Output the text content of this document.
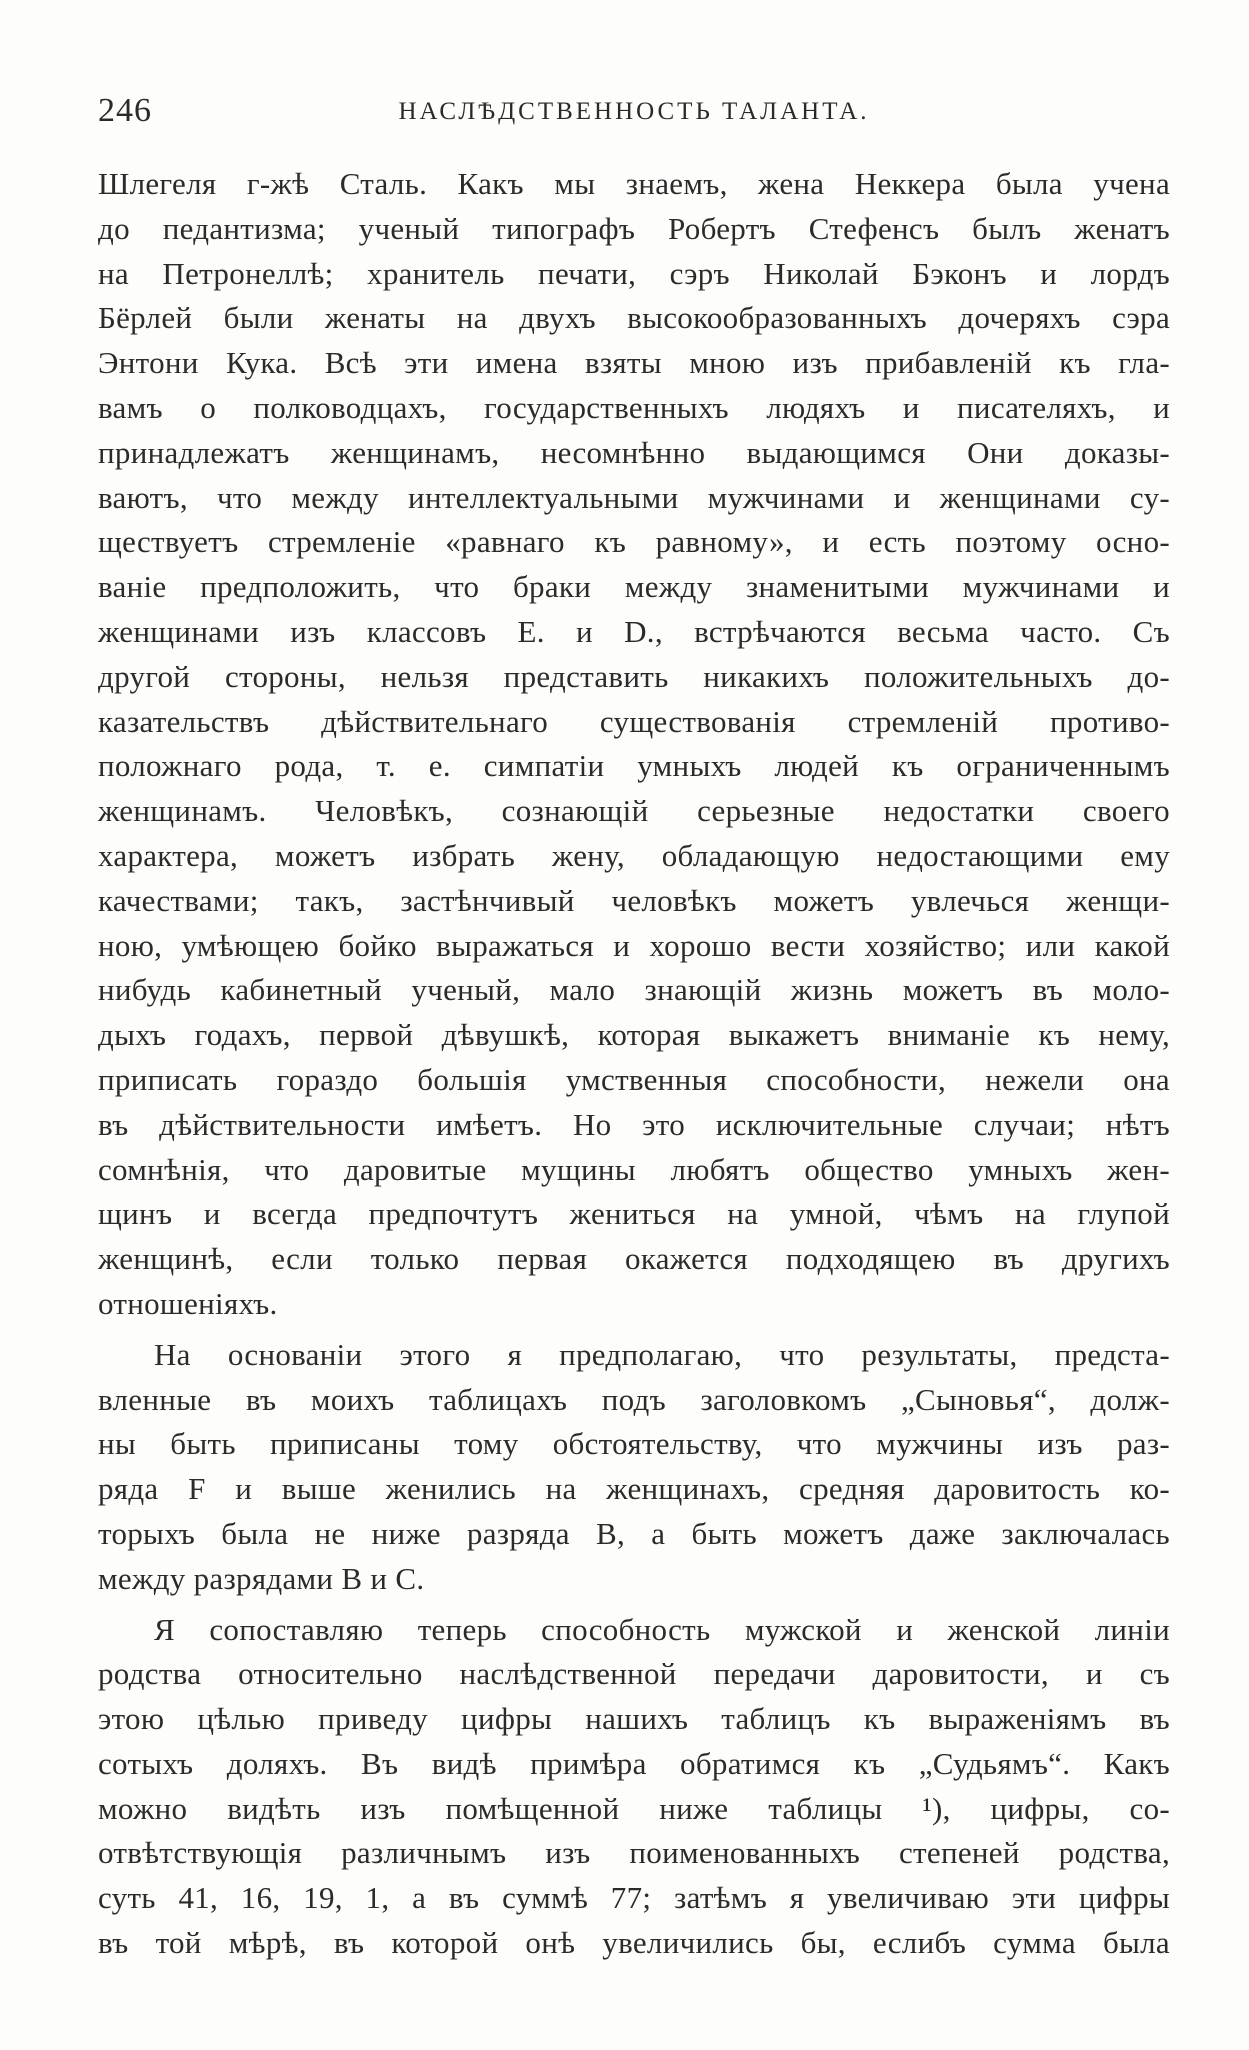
246	НАСЛѢДСТВЕННОСТЬ ТАЛАНТА.
Шлегеля г-жѣ Сталь. Какъ мы знаемъ, жена Неккера была учена
до педантизма; ученый типографъ Робертъ Стефенсъ былъ женатъ
на Петронеллѣ; хранитель печати, сэръ Николай Бэконъ и лордъ
Бёрлей были женаты на двухъ высокообразованныхъ дочеряхъ сэра
Энтони Кука. Всѣ эти имена взяты мною изъ прибавленій къ гла-
вамъ о полководцахъ, государственныхъ людяхъ и писателяхъ, и
принадлежатъ женщинамъ, несомнѣнно выдающимся Они доказы-
ваютъ, что между интеллектуальными мужчинами и женщинами су-
ществуетъ стремленіе «равнаго къ равному», и есть поэтому осно-
ваніе предположить, что браки между знаменитыми мужчинами и
женщинами изъ классовъ E. и D., встрѣчаются весьма часто. Съ
другой стороны, нельзя представить никакихъ положительныхъ до-
казательствъ дѣйствительнаго существованія стремленій противо-
положнаго рода, т. е. симпатіи умныхъ людей къ ограниченнымъ
женщинамъ. Человѣкъ, сознающій серьезные недостатки своего
характера, можетъ избрать жену, обладающую недостающими ему
качествами; такъ, застѣнчивый человѣкъ можетъ увлечься женщи-
ною, умѣющею бойко выражаться и хорошо вести хозяйство; или какой
нибудь кабинетный ученый, мало знающій жизнь можетъ въ моло-
дыхъ годахъ, первой дѣвушкѣ, которая выкажетъ вниманіе къ нему,
приписать гораздо большія умственныя способности, нежели она
въ дѣйствительности имѣетъ. Но это исключительные случаи; нѣтъ
сомнѣнія, что даровитые мущины любятъ общество умныхъ жен-
щинъ и всегда предпочтутъ жениться на умной, чѣмъ на глупой
женщинѣ, если только первая окажется подходящею въ другихъ
отношеніяхъ.
На основаніи этого я предполагаю, что результаты, предста-
вленные въ моихъ таблицахъ подъ заголовкомъ „Сыновья“, долж-
ны быть приписаны тому обстоятельству, что мужчины изъ раз-
ряда F и выше женились на женщинахъ, средняя даровитость ко-
торыхъ была не ниже разряда B, а быть можетъ даже заключалась
между разрядами B и C.
Я сопоставляю теперь способность мужской и женской линіи
родства относительно наслѣдственной передачи даровитости, и съ
этою цѣлью приведу цифры нашихъ таблицъ къ выраженіямъ въ
сотыхъ доляхъ. Въ видѣ примѣра обратимся къ „Судьямъ“. Какъ
можно видѣть изъ помѣщенной ниже таблицы ¹), цифры, со-
отвѣтствующія различнымъ изъ поименованныхъ степеней родства,
суть 41, 16, 19, 1, а въ суммѣ 77; затѣмъ я увеличиваю эти цифры
въ той мѣрѣ, въ которой онѣ увеличились бы, еслибъ сумма была
